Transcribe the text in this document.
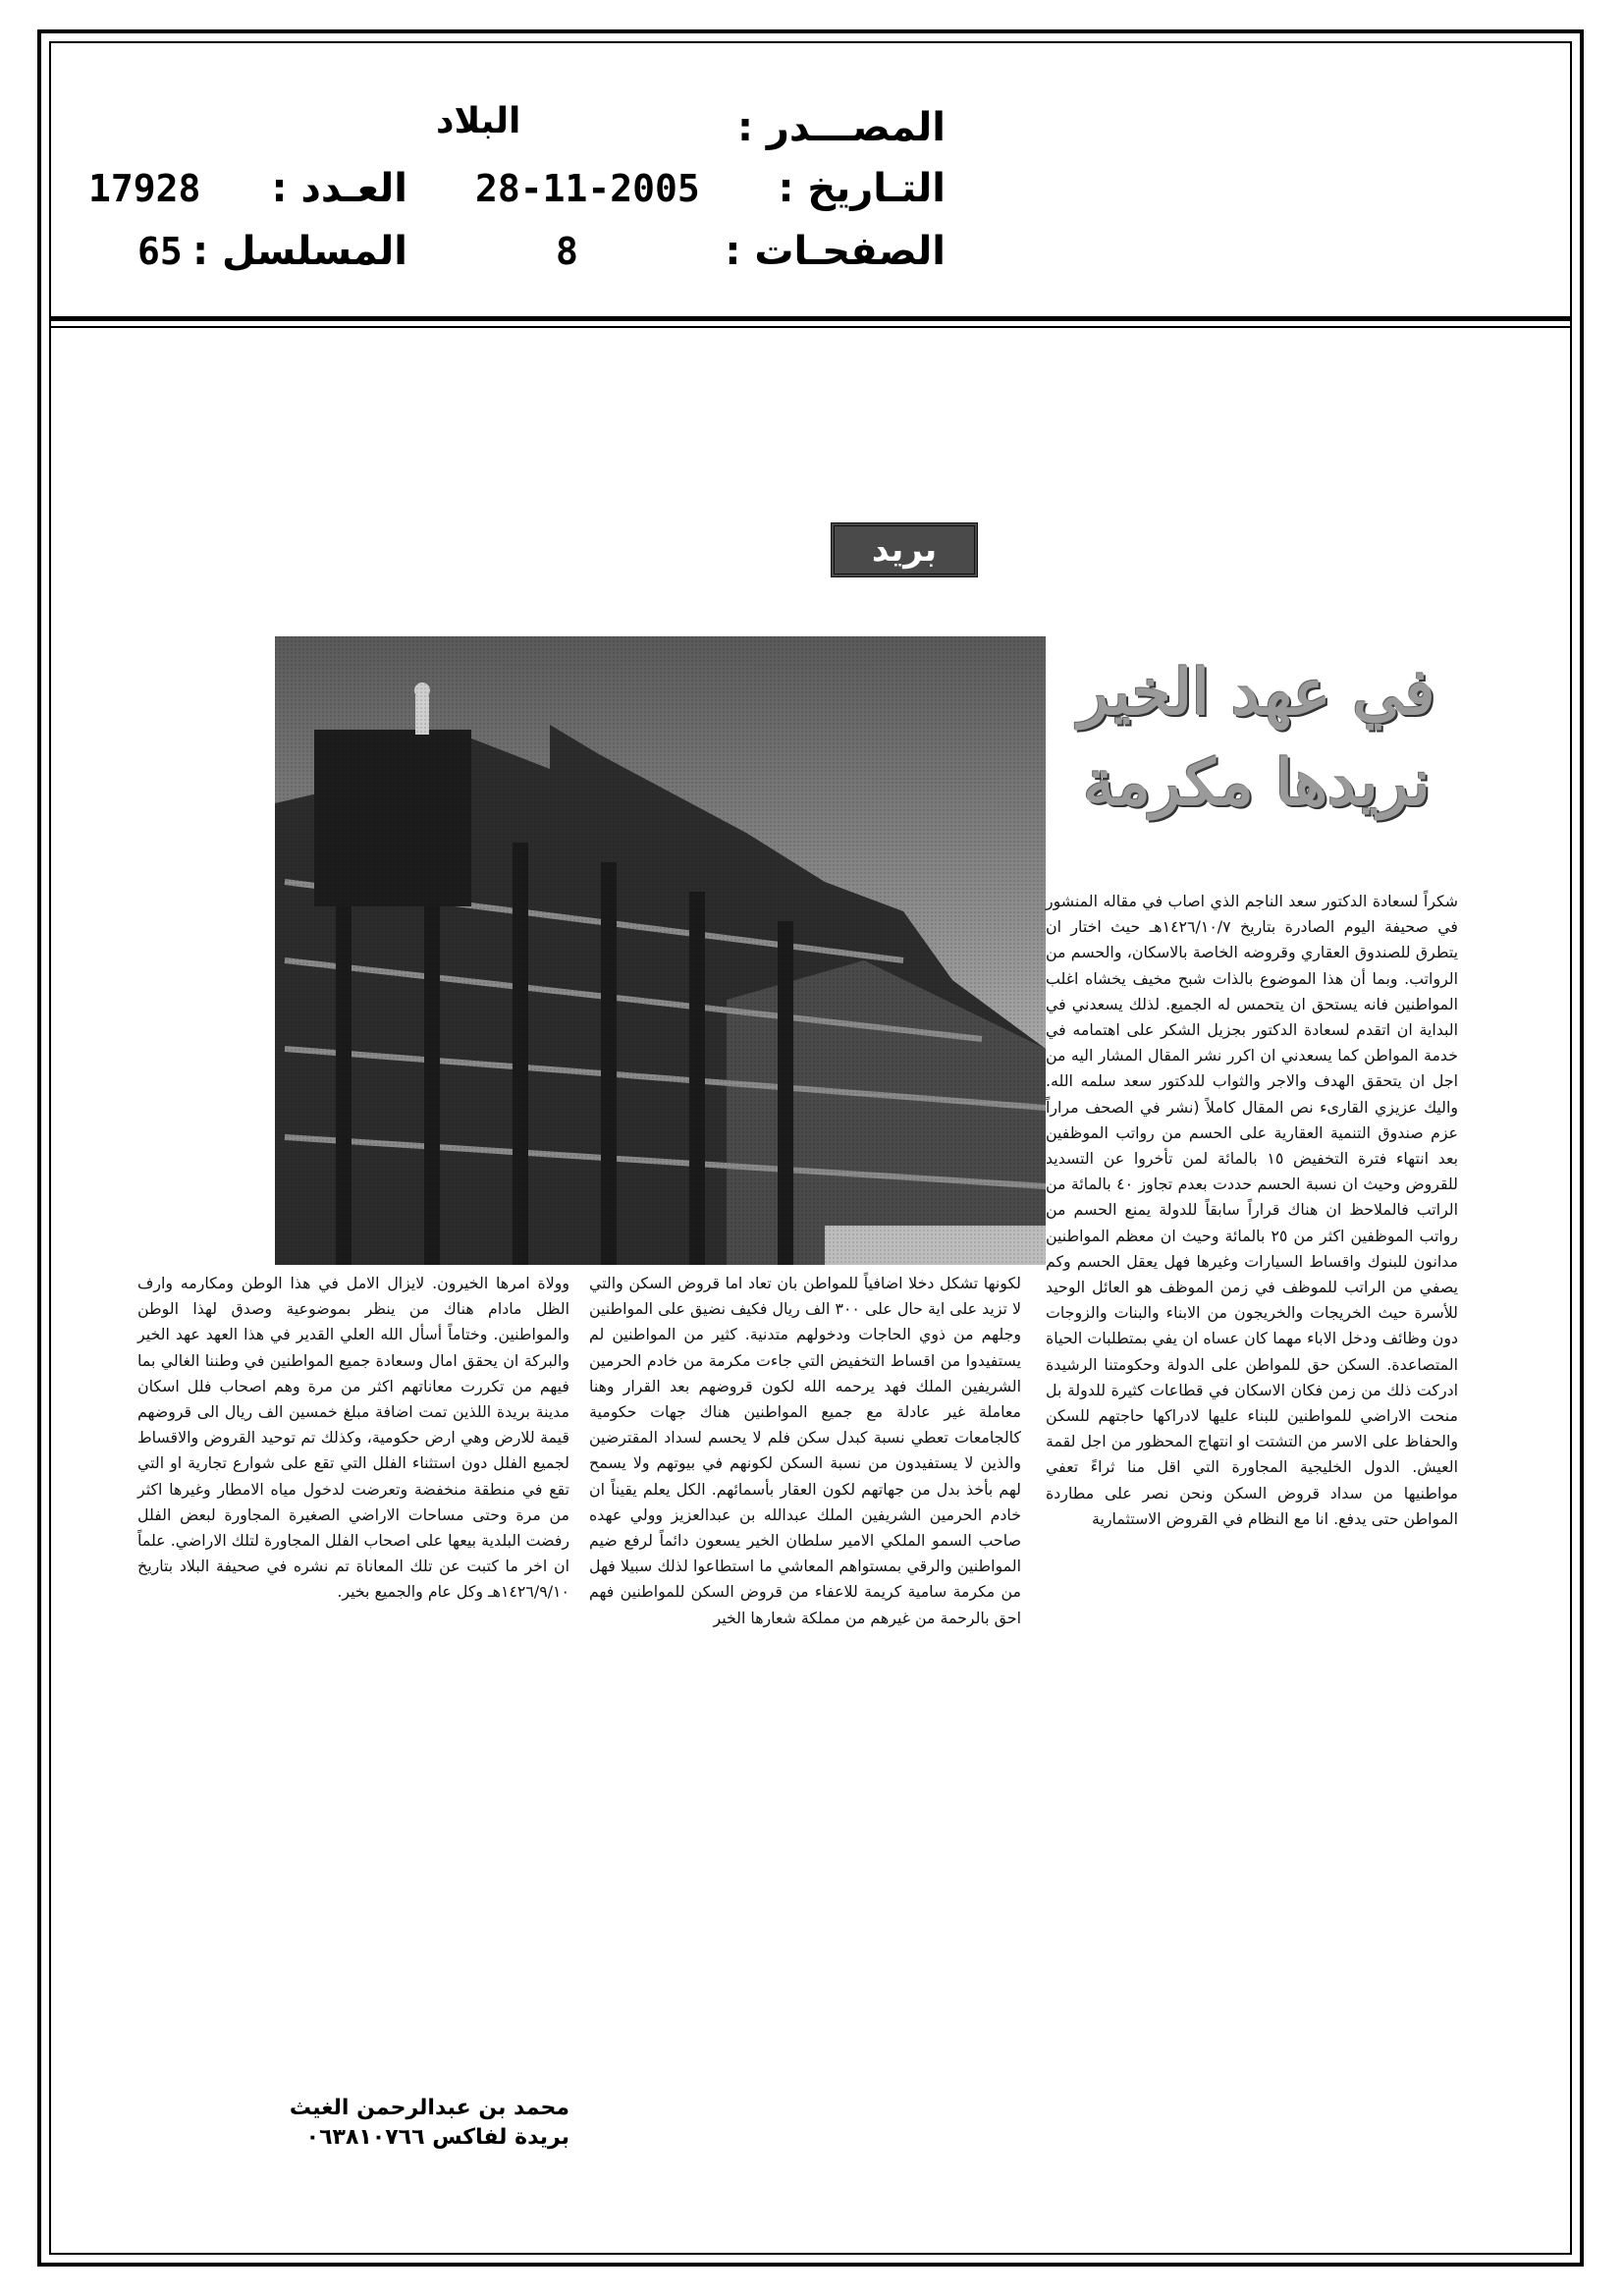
المصـــدر :
البلاد
التـاريخ :
28-11-2005
العـدد :
17928
الصفحـات :
8
المسلسل :
65
بريد
في عهد الخير
نريدها مكرمة

شكراً لسعادة الدكتور سعد الناجم الذي اصاب في مقاله المنشور في صحيفة اليوم الصادرة بتاريخ ١٤٢٦/١٠/٧هـ حيث اختار ان يتطرق للصندوق العقاري وقروضه الخاصة بالاسكان، والحسم من الرواتب. وبما أن هذا الموضوع بالذات شبح مخيف يخشاه اغلب المواطنين فانه يستحق ان يتحمس له الجميع. لذلك يسعدني في البداية ان اتقدم لسعادة الدكتور بجزيل الشكر على اهتمامه في خدمة المواطن كما يسعدني ان اكرر نشر المقال المشار اليه من اجل ان يتحقق الهدف والاجر والثواب للدكتور سعد سلمه الله. واليك عزيزي القارىء نص المقال كاملاً (نشر في الصحف مراراً عزم صندوق التنمية العقارية على الحسم من رواتب الموظفين بعد انتهاء فترة التخفيض ١٥ بالمائة لمن تأخروا عن التسديد للقروض وحيث ان نسبة الحسم حددت بعدم تجاوز ٤٠ بالمائة من الراتب فالملاحظ ان هناك قراراً سابقاً للدولة يمنع الحسم من رواتب الموظفين اكثر من ٢٥ بالمائة وحيث ان معظم المواطنين مدانون للبنوك واقساط السيارات وغيرها فهل يعقل الحسم وكم يصفي من الراتب للموظف في زمن الموظف هو العائل الوحيد للأسرة حيث الخريجات والخريجون من الابناء والبنات والزوجات دون وظائف ودخل الاباء مهما كان عساه ان يفي بمتطلبات الحياة المتصاعدة. السكن حق للمواطن على الدولة وحكومتنا الرشيدة ادركت ذلك من زمن فكان الاسكان في قطاعات كثيرة للدولة بل منحت الاراضي للمواطنين للبناء عليها لادراكها حاجتهم للسكن والحفاظ على الاسر من التشتت او انتهاج المحظور من اجل لقمة العيش. الدول الخليجية المجاورة التي اقل منا ثراءً تعفي مواطنيها من سداد قروض السكن ونحن نصر على مطاردة المواطن حتى يدفع. انا مع النظام في القروض الاستثمارية

لكونها تشكل دخلا اضافياً للمواطن بان تعاد اما قروض السكن والتي لا تزيد على اية حال على ٣٠٠ الف ريال فكيف نضيق على المواطنين وجلهم من ذوي الحاجات ودخولهم متدنية. كثير من المواطنين لم يستفيدوا من اقساط التخفيض التي جاءت مكرمة من خادم الحرمين الشريفين الملك فهد يرحمه الله لكون قروضهم بعد القرار وهنا معاملة غير عادلة مع جميع المواطنين هناك جهات حكومية كالجامعات تعطي نسبة كبدل سكن فلم لا يحسم لسداد المقترضين والذين لا يستفيدون من نسبة السكن لكونهم في بيوتهم ولا يسمح لهم بأخذ بدل من جهاتهم لكون العقار بأسمائهم. الكل يعلم يقيناً ان خادم الحرمين الشريفين الملك عبدالله بن عبدالعزيز وولي عهده صاحب السمو الملكي الامير سلطان الخير يسعون دائماً لرفع ضيم المواطنين والرقي بمستواهم المعاشي ما استطاعوا لذلك سبيلا فهل من مكرمة سامية كريمة للاعفاء من قروض السكن للمواطنين فهم احق بالرحمة من غيرهم من مملكة شعارها الخير

وولاة امرها الخيرون. لايزال الامل في هذا الوطن ومكارمه وارف الظل مادام هناك من ينظر بموضوعية وصدق لهذا الوطن والمواطنين. وختاماً أسأل الله العلي القدير في هذا العهد عهد الخير والبركة ان يحقق امال وسعادة جميع المواطنين في وطننا الغالي بما فيهم من تكررت معاناتهم اكثر من مرة وهم اصحاب فلل اسكان مدينة بريدة اللذين تمت اضافة مبلغ خمسين الف ريال الى قروضهم قيمة للارض وهي ارض حكومية، وكذلك تم توحيد القروض والاقساط لجميع الفلل دون استثناء الفلل التي تقع على شوارع تجارية او التي تقع في منطقة منخفضة وتعرضت لدخول مياه الامطار وغيرها اكثر من مرة وحتى مساحات الاراضي الصغيرة المجاورة لبعض الفلل رفضت البلدية بيعها على اصحاب الفلل المجاورة لتلك الاراضي. علماً ان اخر ما كتبت عن تلك المعاناة تم نشره في صحيفة البلاد بتاريخ ١٤٢٦/٩/١٠هـ وكل عام والجميع بخير.

محمد بن عبدالرحمن الغيث
بريدة لفاكس ٠٦٣٨١٠٧٦٦
